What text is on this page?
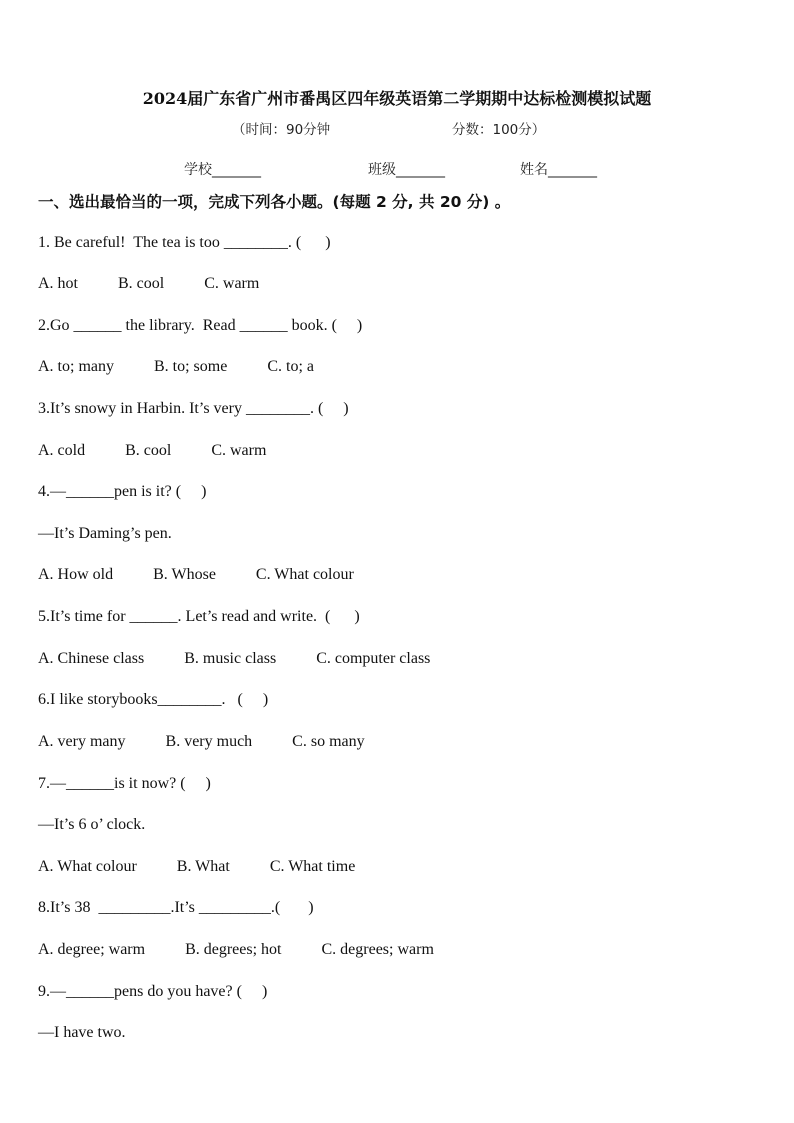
2024届广东省广州市番禺区四年级英语第二学期期中达标检测模拟试题
（时间：90分钟	分数：100分）
学校_______	班级_______	姓名_______
一、选出最恰当的一项，完成下列各小题。(每题 2 分, 共 20 分) 。
1. Be careful!  The tea is too ________. (      )
A. hot          B. cool          C. warm
2.Go ______ the library.  Read ______ book. (     )
A. to; many          B. to; some          C. to; a
3.It’s snowy in Harbin. It’s very ________. (     )
A. cold          B. cool          C. warm
4.—______pen is it? (     )
—It’s Daming’s pen.
A. How old          B. Whose          C. What colour
5.It’s time for ______. Let’s read and write.  (      )
A. Chinese class          B. music class          C. computer class
6.I like storybooks________.   (     )
A. very many          B. very much          C. so many
7.—______is it now? (     )
—It’s 6 o’ clock.
A. What colour          B. What          C. What time
8.It’s 38  _________.It’s _________.(       )
A. degree; warm          B. degrees; hot          C. degrees; warm
9.—______pens do you have? (     )
—I have two.
